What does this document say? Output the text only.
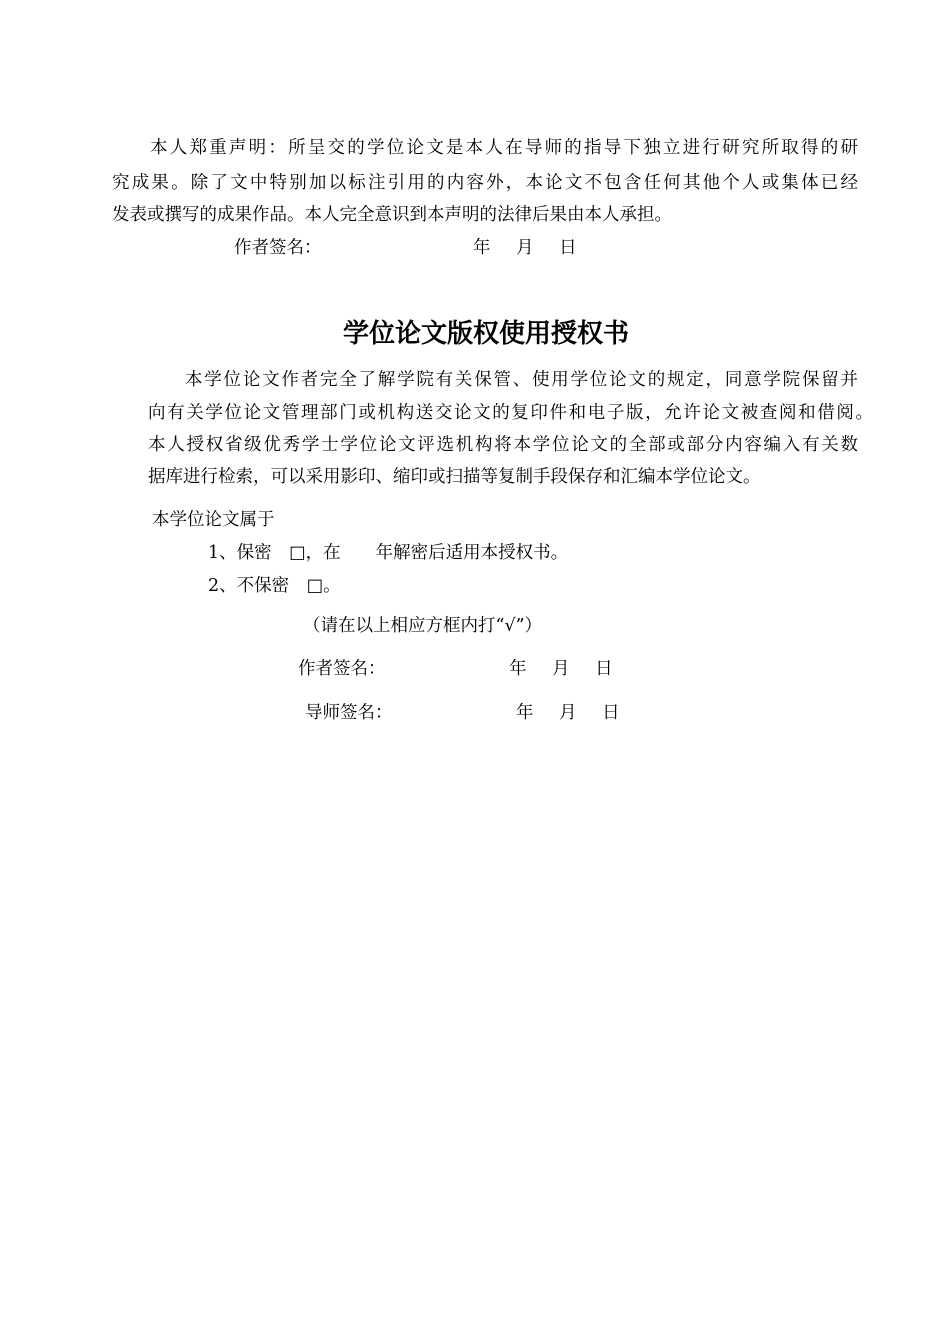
本人郑重声明：所呈交的学位论文是本人在导师的指导下独立进行研究所取得的研
究成果。除了文中特别加以标注引用的内容外，本论文不包含任何其他个人或集体已经
发表或撰写的成果作品。本人完全意识到本声明的法律后果由本人承担。
作者签名：	年 月 日
学位论文版权使用授权书
本学位论文作者完全了解学院有关保管、使用学位论文的规定，同意学院保留并
向有关学位论文管理部门或机构送交论文的复印件和电子版，允许论文被查阅和借阅。
本人授权省级优秀学士学位论文评选机构将本学位论文的全部或部分内容编入有关数
据库进行检索，可以采用影印、缩印或扫描等复制手段保存和汇编本学位论文。
本学位论文属于
1、保密　□，在　　年解密后适用本授权书。
2、不保密　□。
（请在以上相应方框内打“√”）
作者签名：	年 月 日
导师签名：	年 月 日
